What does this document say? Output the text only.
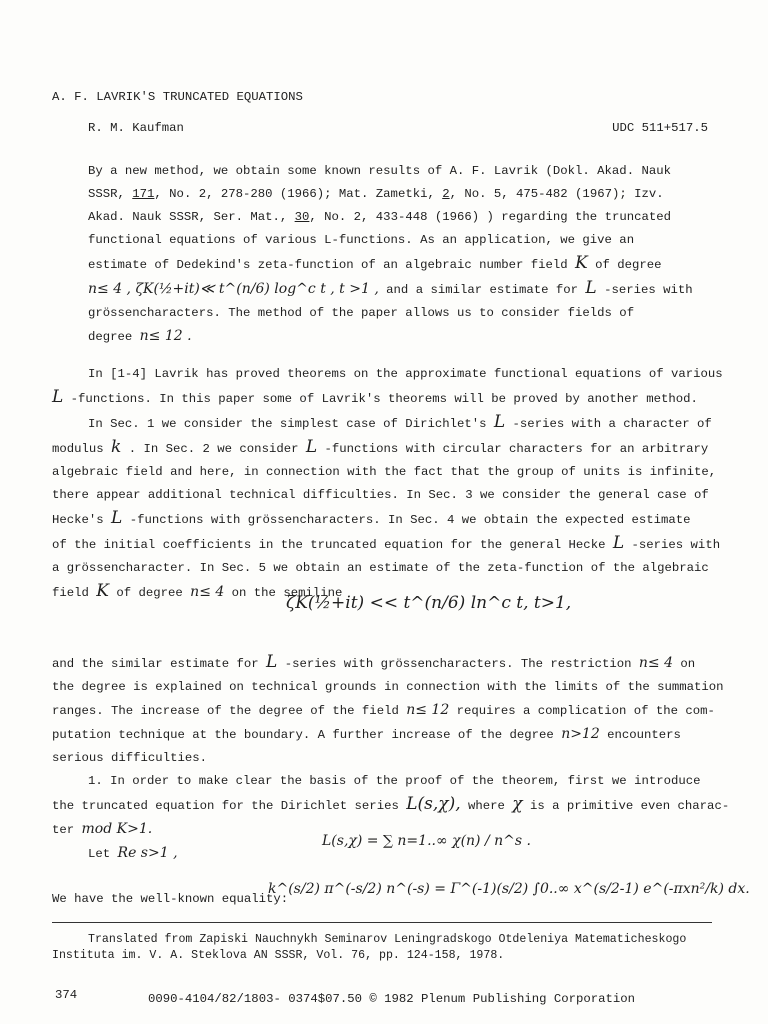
A. F. LAVRIK'S TRUNCATED EQUATIONS
R. M. Kaufman	UDC 511+517.5
By a new method, we obtain some known results of A. F. Lavrik (Dokl. Akad. Nauk
SSSR, 171, No. 2, 278-280 (1966); Mat. Zametki, 2, No. 5, 475-482 (1967); Izv.
Akad. Nauk SSSR, Ser. Mat., 30, No. 2, 433-448 (1966) ) regarding the truncated
functional equations of various L-functions. As an application, we give an
estimate of Dedekind's zeta-function of an algebraic number field K of degree
n≤ 4 , ζK(½+it)≪ t^(n/6) log^c t , t >1 , and a similar estimate for L -series with
grössencharacters. The method of the paper allows us to consider fields of
degree n≤ 12 .
In [1-4] Lavrik has proved theorems on the approximate functional equations of various
L -functions. In this paper some of Lavrik's theorems will be proved by another method.
In Sec. 1 we consider the simplest case of Dirichlet's L -series with a character of
modulus k . In Sec. 2 we consider L -functions with circular characters for an arbitrary
algebraic field and here, in connection with the fact that the group of units is infinite,
there appear additional technical difficulties. In Sec. 3 we consider the general case of
Hecke's L -functions with grössencharacters. In Sec. 4 we obtain the expected estimate
of the initial coefficients in the truncated equation for the general Hecke L -series with
a grössencharacter. In Sec. 5 we obtain an estimate of the zeta-function of the algebraic
field K of degree n≤ 4 on the semiline
and the similar estimate for L -series with grössencharacters. The restriction n≤ 4 on
the degree is explained on technical grounds in connection with the limits of the summation
ranges. The increase of the degree of the field n≤ 12 requires a complication of the com-
putation technique at the boundary. A further increase of the degree n>12 encounters
serious difficulties.
1. In order to make clear the basis of the proof of the theorem, first we introduce
the truncated equation for the Dirichlet series L(s,χ), where χ is a primitive even charac-
ter mod K>1.
Let Re s>1 ,
We have the well-known equality:
ζK(½+it) << t^(n/6) ln^c t, t>1,
L(s,χ) = ∑ n=1..∞ χ(n) / n^s .
k^(s/2) π^(-s/2) n^(-s) = Γ^(-1)(s/2) ∫0..∞ x^(s/2-1) e^(-πxn²/k) dx.
Translated from Zapiski Nauchnykh Seminarov Leningradskogo Otdeleniya Matematicheskogo
Instituta im. V. A. Steklova AN SSSR, Vol. 76, pp. 124-158, 1978.
374	0090-4104/82/1803- 0374$07.50 © 1982 Plenum Publishing Corporation
